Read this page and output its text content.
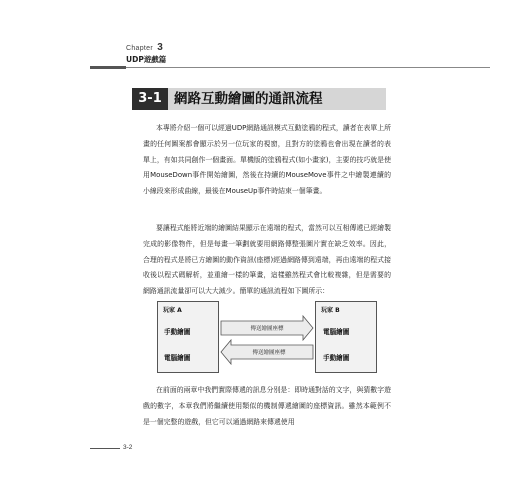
Chapter 3
UDP遊戲篇
3-1 網路互動繪圖的通訊流程
本專將介紹一個可以經過UDP網路通訊模式互動塗鴉的程式，讀者在表單上所畫的任何圖案都會顯示於另一位玩家的視窗，且對方的塗鴉也會出現在讀者的表單上，有如共同創作一個畫面。單機版的塗鴉程式(如小畫家)，主要的技巧就是使用MouseDown事件開始繪圖，然後在持續的MouseMove事件之中繪製連續的小線段來形成曲線，最後在MouseUp事件時結束一個筆畫。
要讓程式能將近端的繪圖結果顯示在遠端的程式，當然可以互相傳遞已經繪製完成的影像物件，但是每畫一筆劃就要用網路傳整張圖片實在缺乏效率。因此，合理的程式是將已方繪圖的動作資訊(座標)經過網路傳到遠端，再由遠端的程式接收後以程式碼解析，並重繪一樣的筆畫，這樣雖然程式會比較複雜，但是需要的網路通訊流量卻可以大大減少。簡單的通訊流程如下圖所示：
玩家 A
手動繪圖
電腦繪圖
玩家 B
電腦繪圖
手動繪圖
傳送繪圖座標
傳送繪圖座標
在前面的兩章中我們實際傳遞的訊息分別是：即時通對話的文字，與猜數字遊戲的數字，本章我們將繼續使用類似的機制傳遞繪圖的座標資訊。雖然本範例不是一個完整的遊戲，但它可以通過網路來傳遞使用
3-2
